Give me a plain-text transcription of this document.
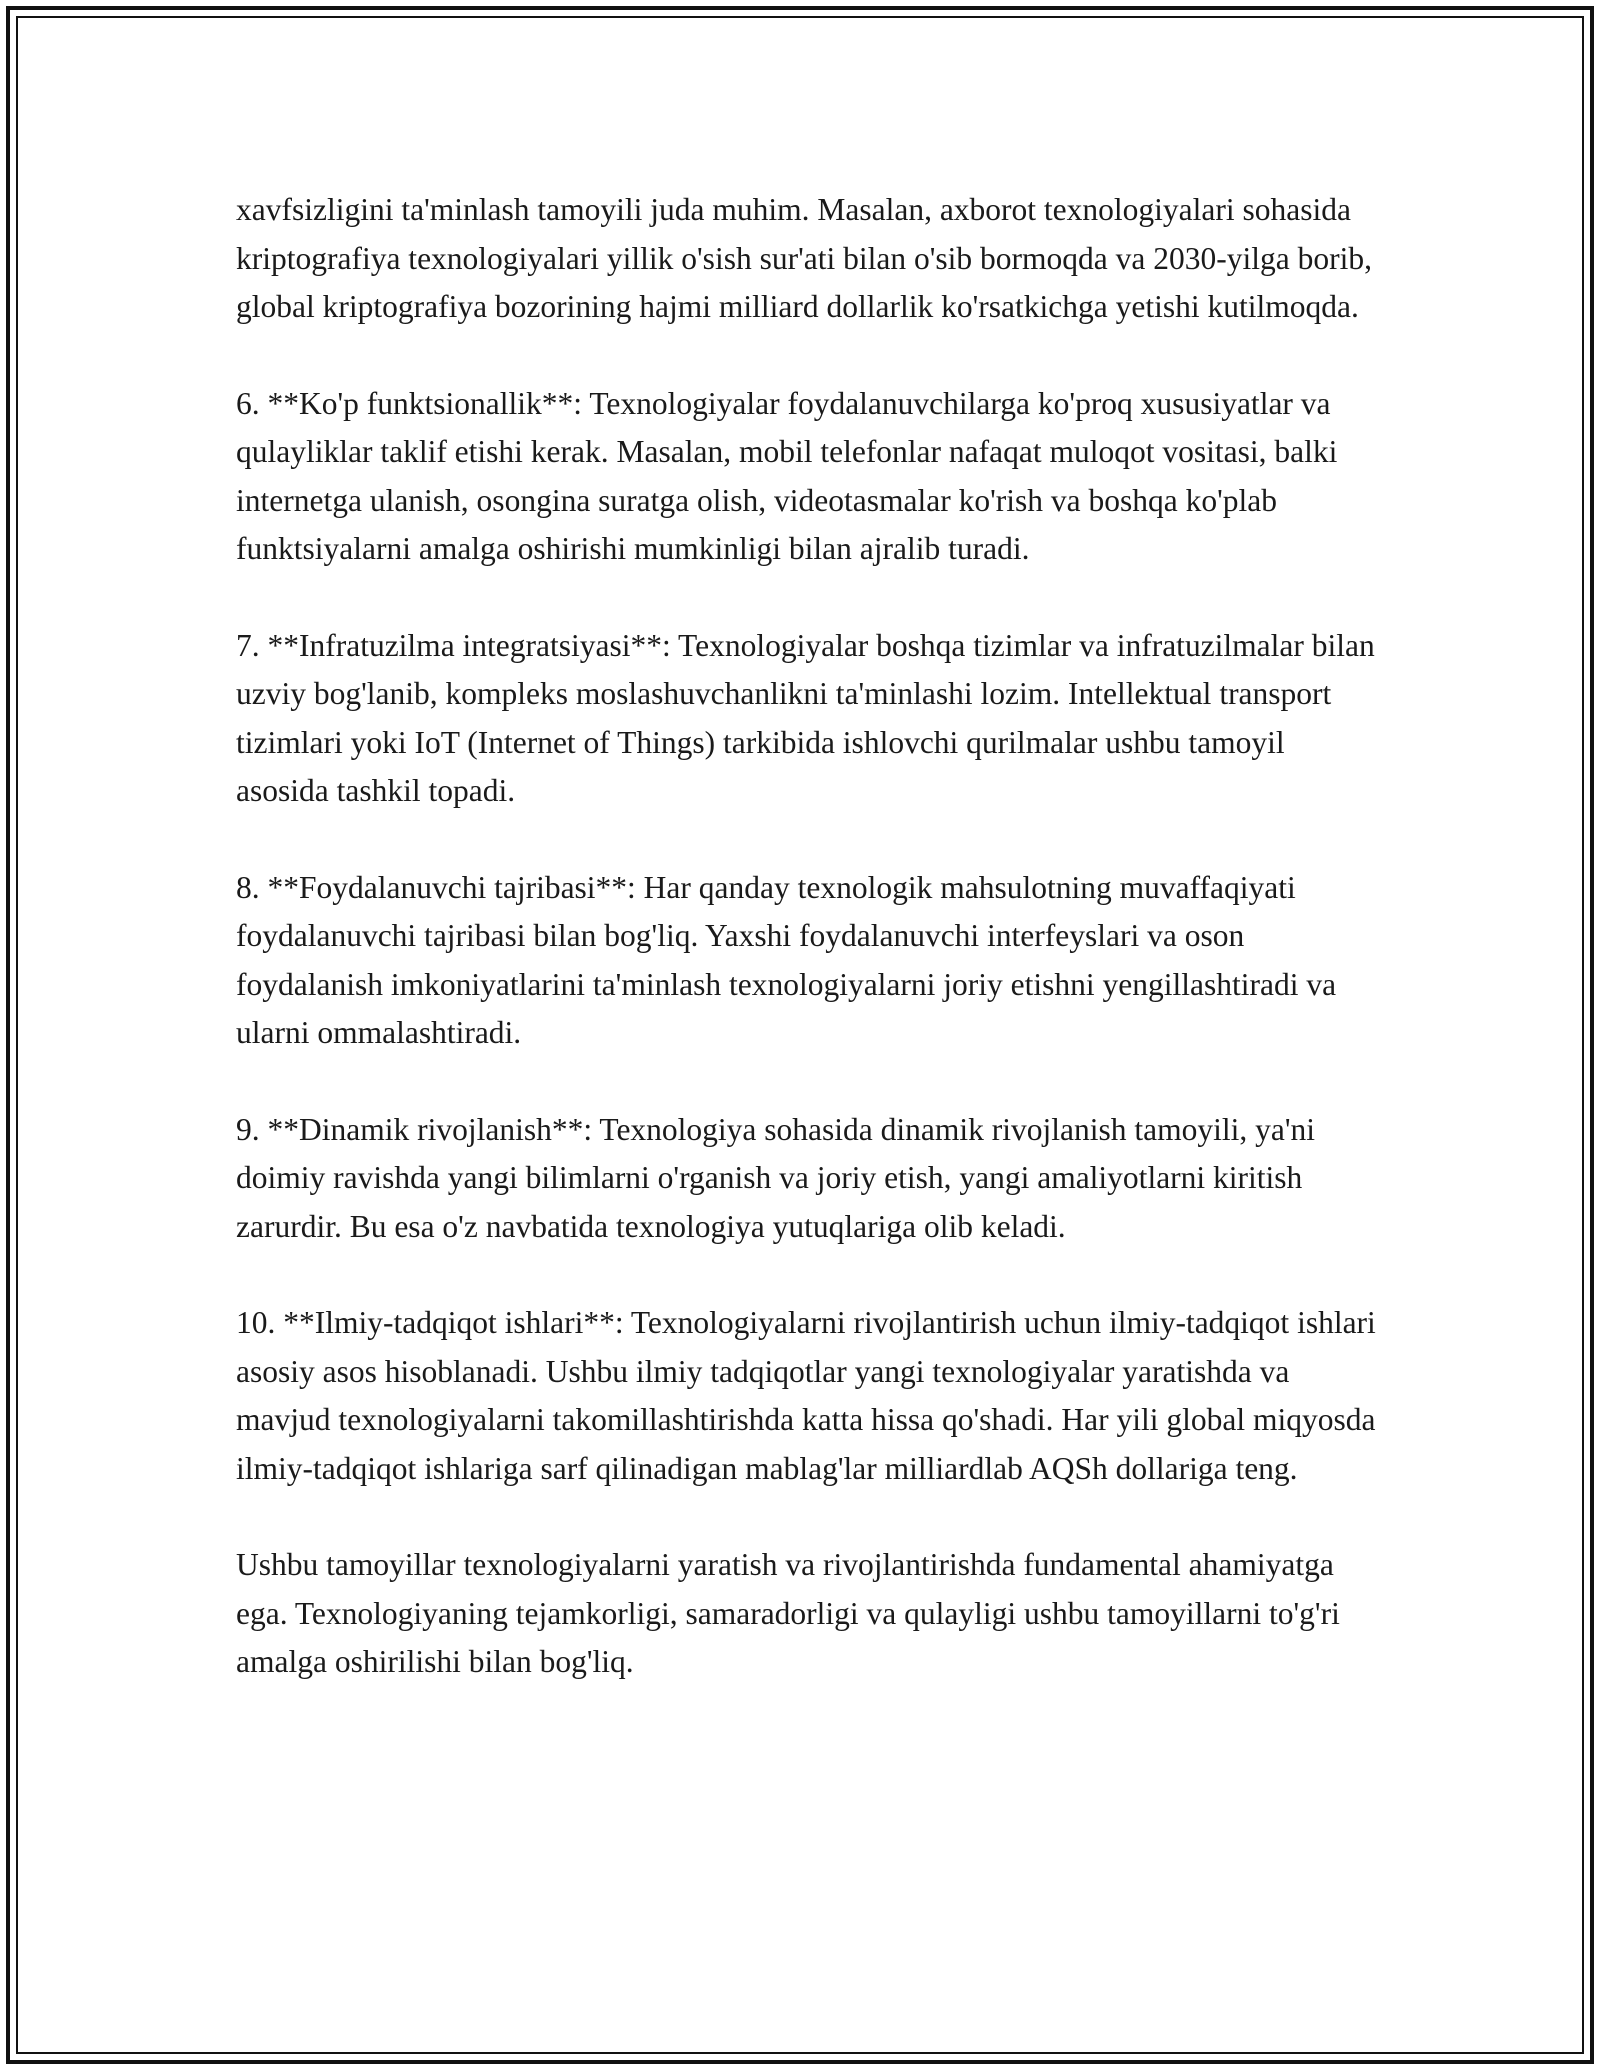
xavfsizligini ta'minlash tamoyili juda muhim. Masalan, axborot texnologiyalari sohasida kriptografiya texnologiyalari yillik o'sish sur'ati bilan o'sib bormoqda va 2030-yilga borib, global kriptografiya bozorining hajmi milliard dollarlik ko'rsatkichga yetishi kutilmoqda.

6. **Ko'p funktsionallik**: Texnologiyalar foydalanuvchilarga ko'proq xususiyatlar va qulayliklar taklif etishi kerak. Masalan, mobil telefonlar nafaqat muloqot vositasi, balki internetga ulanish, osongina suratga olish, videotasmalar ko'rish va boshqa ko'plab funktsiyalarni amalga oshirishi mumkinligi bilan ajralib turadi.

7. **Infratuzilma integratsiyasi**: Texnologiyalar boshqa tizimlar va infratuzilmalar bilan uzviy bog'lanib, kompleks moslashuvchanlikni ta'minlashi lozim. Intellektual transport tizimlari yoki IoT (Internet of Things) tarkibida ishlovchi qurilmalar ushbu tamoyil asosida tashkil topadi.

8. **Foydalanuvchi tajribasi**: Har qanday texnologik mahsulotning muvaffaqiyati foydalanuvchi tajribasi bilan bog'liq. Yaxshi foydalanuvchi interfeyslari va oson foydalanish imkoniyatlarini ta'minlash texnologiyalarni joriy etishni yengillashtiradi va ularni ommalashtiradi.

9. **Dinamik rivojlanish**: Texnologiya sohasida dinamik rivojlanish tamoyili, ya'ni doimiy ravishda yangi bilimlarni o'rganish va joriy etish, yangi amaliyotlarni kiritish zarurdir. Bu esa o'z navbatida texnologiya yutuqlariga olib keladi.

10. **Ilmiy-tadqiqot ishlari**: Texnologiyalarni rivojlantirish uchun ilmiy-tadqiqot ishlari asosiy asos hisoblanadi. Ushbu ilmiy tadqiqotlar yangi texnologiyalar yaratishda va mavjud texnologiyalarni takomillashtirishda katta hissa qo'shadi. Har yili global miqyosda ilmiy-tadqiqot ishlariga sarf qilinadigan mablag'lar milliardlab AQSh dollariga teng.

Ushbu tamoyillar texnologiyalarni yaratish va rivojlantirishda fundamental ahamiyatga ega. Texnologiyaning tejamkorligi, samaradorligi va qulayligi ushbu tamoyillarni to'g'ri amalga oshirilishi bilan bog'liq.
